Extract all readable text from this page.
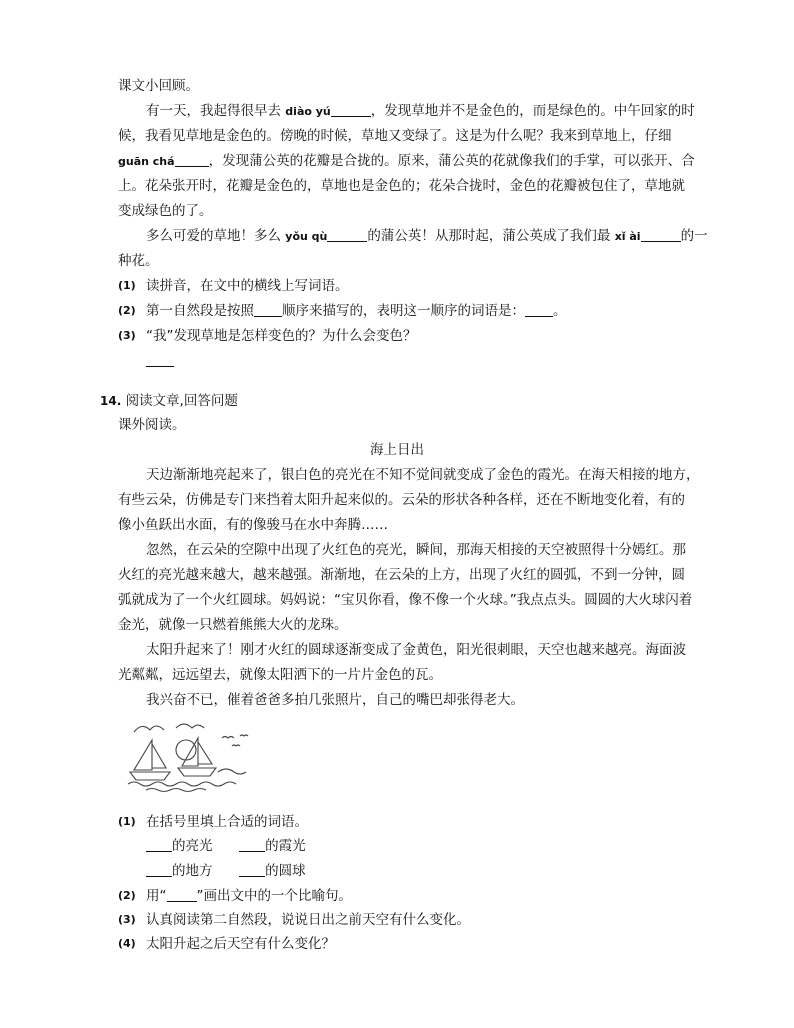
课文小回顾。
有一天，我起得很早去 diào yú	，发现草地并不是金色的，而是绿色的。中午回家的时
候，我看见草地是金色的。傍晚的时候，草地又变绿了。这是为什么呢？我来到草地上，仔细
guān chá	，发现蒲公英的花瓣是合拢的。原来，蒲公英的花就像我们的手掌，可以张开、合
上。花朵张开时，花瓣是金色的，草地也是金色的；花朵合拢时，金色的花瓣被包住了，草地就
变成绿色的了。
多么可爱的草地！多么 yǒu qù	的蒲公英！从那时起，蒲公英成了我们最 xǐ ài	的一
种花。
(1) 读拼音，在文中的横线上写词语。
(2) 第一自然段是按照 顺序来描写的，表明这一顺序的词语是： 。
(3) “我”发现草地是怎样变色的？为什么会变色？
14. 阅读文章,回答问题
课外阅读。
海上日出
天边渐渐地亮起来了，银白色的亮光在不知不觉间就变成了金色的霞光。在海天相接的地方，
有些云朵，仿佛是专门来挡着太阳升起来似的。云朵的形状各种各样，还在不断地变化着，有的
像小鱼跃出水面，有的像骏马在水中奔腾……
忽然，在云朵的空隙中出现了火红色的亮光，瞬间，那海天相接的天空被照得十分嫣红。那
火红的亮光越来越大，越来越强。渐渐地，在云朵的上方，出现了火红的圆弧，不到一分钟，圆
弧就成为了一个火红圆球。妈妈说：“宝贝你看，像不像一个火球。”我点点头。圆圆的大火球闪着
金光，就像一只燃着熊熊大火的龙珠。
太阳升起来了！刚才火红的圆球逐渐变成了金黄色，阳光很刺眼，天空也越来越亮。海面波
光粼粼，远远望去，就像太阳洒下的一片片金色的瓦。
我兴奋不已，催着爸爸多拍几张照片，自己的嘴巴却张得老大。
(1) 在括号里填上合适的词语。
的亮光	的霞光
的地方	的圆球
(2) 用“ ”画出文中的一个比喻句。
(3) 认真阅读第二自然段，说说日出之前天空有什么变化。
(4) 太阳升起之后天空有什么变化？
